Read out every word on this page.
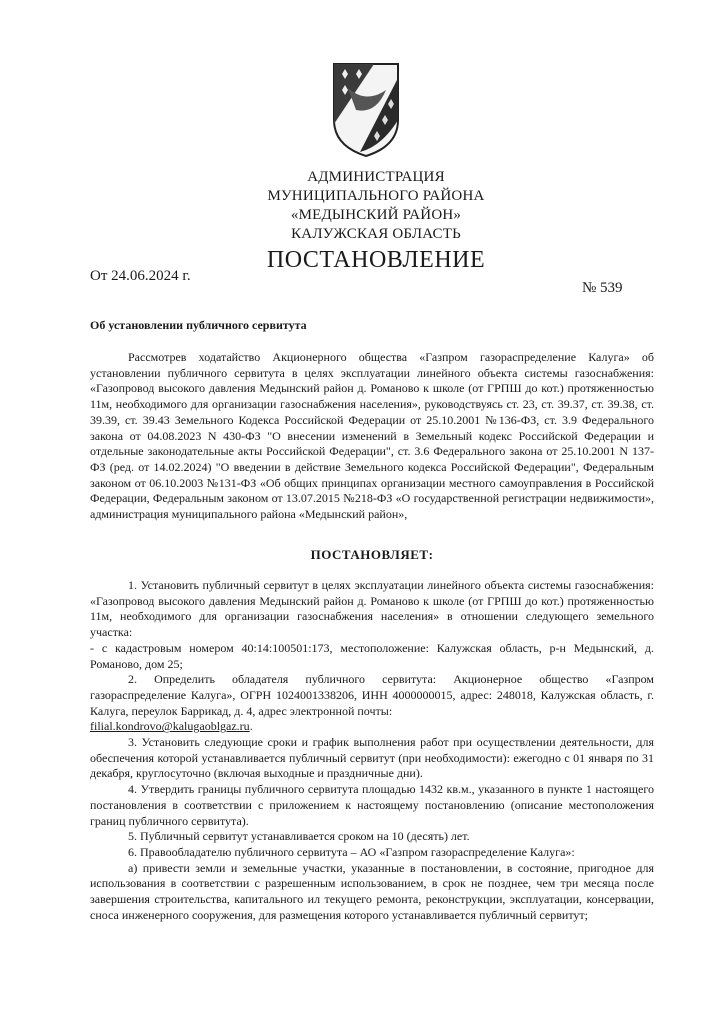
АДМИНИСТРАЦИЯ
МУНИЦИПАЛЬНОГО РАЙОНА
«МЕДЫНСКИЙ РАЙОН»
КАЛУЖСКАЯ ОБЛАСТЬ
ПОСТАНОВЛЕНИЕ
От 24.06.2024 г.
№ 539
Об установлении публичного сервитута

Рассмотрев ходатайство Акционерного общества «Газпром газораспределение Калуга» об установлении публичного сервитута в целях эксплуатации линейного объекта системы газоснабжения: «Газопровод высокого давления Медынский район д. Романово к школе (от ГРПШ до кот.) протяженностью 11м, необходимого для организации газоснабжения населения», руководствуясь ст. 23, ст. 39.37, ст. 39.38, ст. 39.39, ст. 39.43 Земельного Кодекса Российской Федерации от 25.10.2001 №136-ФЗ, ст. 3.9 Федерального закона от 04.08.2023 N 430-ФЗ "О внесении изменений в Земельный кодекс Российской Федерации и отдельные законодательные акты Российской Федерации", ст. 3.6 Федерального закона от 25.10.2001 N 137-ФЗ (ред. от 14.02.2024) "О введении в действие Земельного кодекса Российской Федерации", Федеральным законом от 06.10.2003 №131-ФЗ «Об общих принципах организации местного самоуправления в Российской Федерации, Федеральным законом от 13.07.2015 №218-ФЗ «О государственной регистрации недвижимости», администрация муниципального района «Медынский район»,

ПОСТАНОВЛЯЕТ:

1. Установить публичный сервитут в целях эксплуатации линейного объекта системы газоснабжения: «Газопровод высокого давления Медынский район д. Романово к школе (от ГРПШ до кот.) протяженностью 11м, необходимого для организации газоснабжения населения» в отношении следующего земельного участка:

- с кадастровым номером 40:14:100501:173, местоположение: Калужская область, р-н Медынский, д. Романово, дом 25;

2. Определить обладателя публичного сервитута: Акционерное общество «Газпром газораспределение Калуга», ОГРН 1024001338206, ИНН 4000000015, адрес: 248018, Калужская область, г. Калуга, переулок Баррикад, д. 4, адрес электронной почты:

filial.kondrovo@kalugaoblgaz.ru.

3. Установить следующие сроки и график выполнения работ при осуществлении деятельности, для обеспечения которой устанавливается публичный сервитут (при необходимости): ежегодно с 01 января по 31 декабря, круглосуточно (включая выходные и праздничные дни).

4. Утвердить границы публичного сервитута площадью 1432 кв.м., указанного в пункте 1 настоящего постановления в соответствии с приложением к настоящему постановлению (описание местоположения границ публичного сервитута).

5. Публичный сервитут устанавливается сроком на 10 (десять) лет.

6. Правообладателю публичного сервитута – АО «Газпром газораспределение Калуга»:

а) привести земли и земельные участки, указанные в постановлении, в состояние, пригодное для использования в соответствии с разрешенным использованием, в срок не позднее, чем три месяца после завершения строительства, капитального ил текущего ремонта, реконструкции, эксплуатации, консервации, сноса инженерного сооружения, для размещения которого устанавливается публичный сервитут;
